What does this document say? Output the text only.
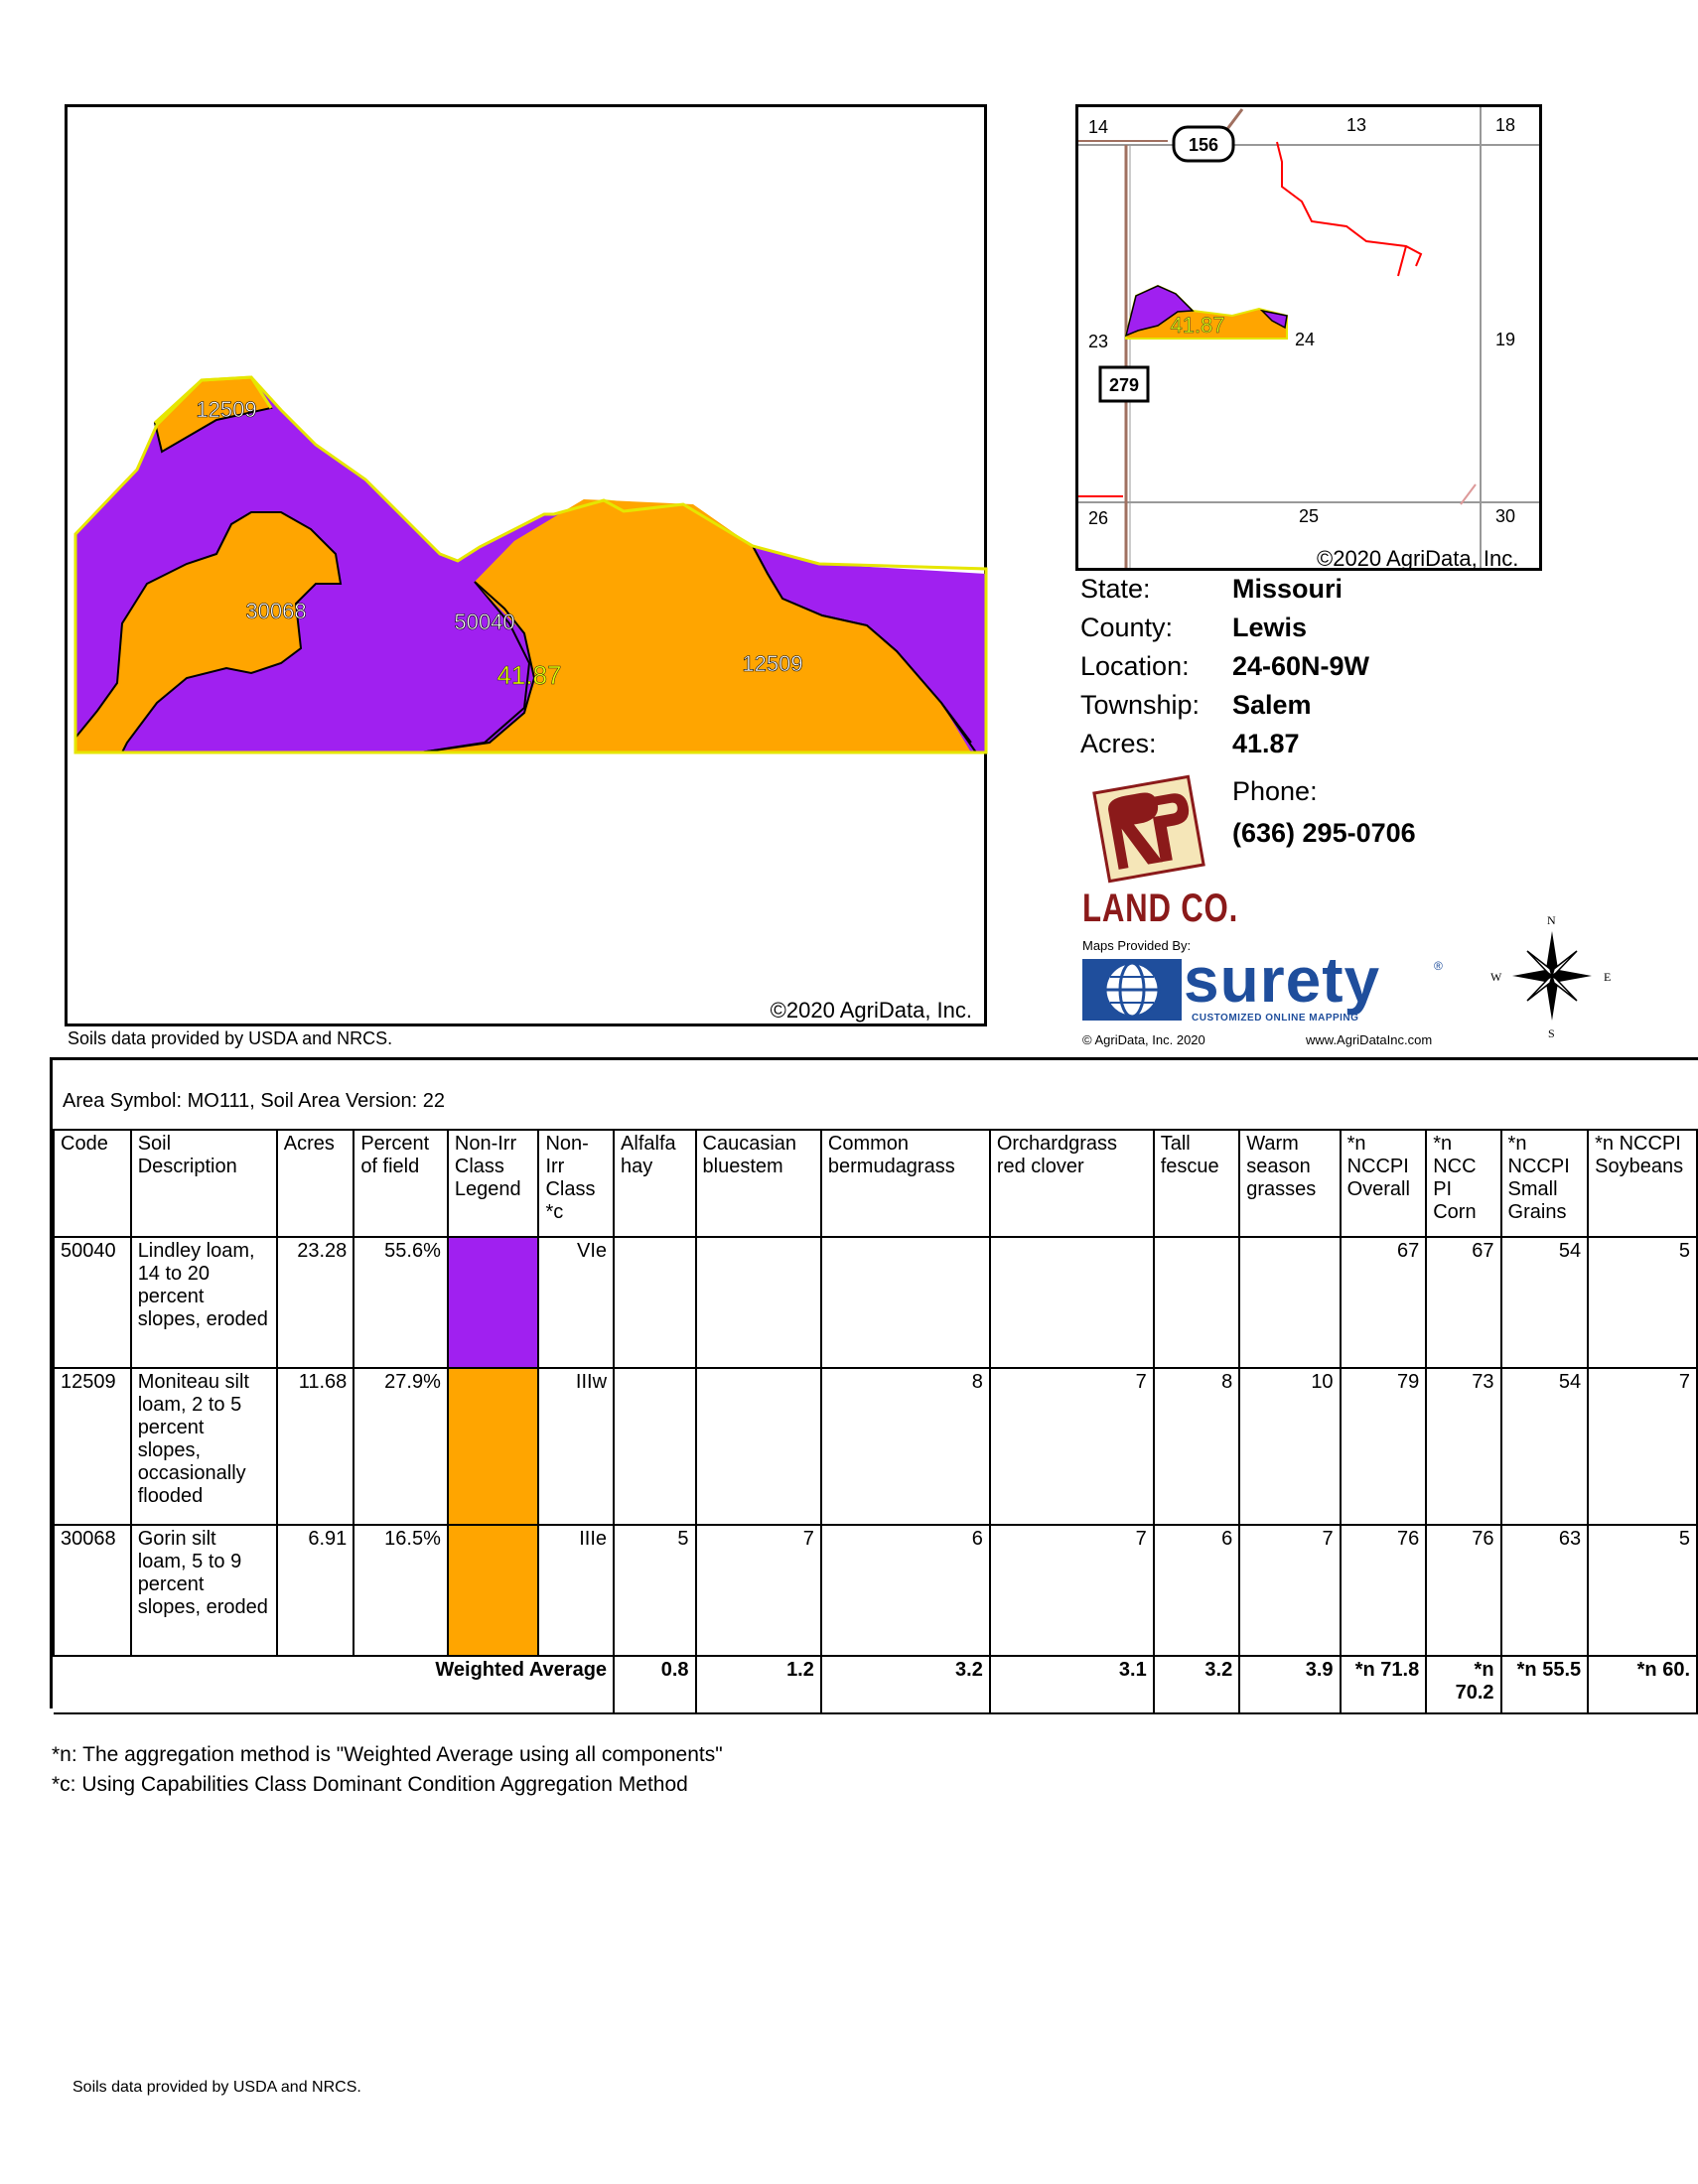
12509
30068	50040
41.87	12509
©2020 AgriData, Inc.
Soils data provided by USDA and NRCS.
41.87
14	13	18
23	24	19
26	25	30
156
279
©2020 AgriData, Inc.
State:	Missouri
County: Lewis
Location: 24-60N-9W
Township: Salem
Acres:	41.87
Phone:
(636) 295-0706
LAND CO.
Maps Provided By:
surety	®
CUSTOMIZED ONLINE MAPPING
© AgriData, Inc. 2020	www.AgriDataInc.com
N
S
E
W
Area Symbol: MO111, Soil Area Version: 22
Code	Soil Description	Acres	Percent of field	Non-Irr Class Legend	Non-Irr Class *c	Alfalfa hay	Caucasian bluestem	Common bermudagrass	Orchardgrass red clover	Tall fescue	Warm season grasses	*n NCCPI Overall	*n NCC PI Corn	*n NCCPI Small Grains	*n NCCPI Soybeans
50040	Lindley loam, 14 to 20 percent slopes, eroded	23.28	55.6%		VIe							67	67	54	5
12509	Moniteau silt loam, 2 to 5 percent slopes, occasionally flooded	11.68	27.9%		IIIw			8	7	8	10	79	73	54	7
30068	Gorin silt loam, 5 to 9 percent slopes, eroded	6.91	16.5%		IIIe	5	7	6	7	6	7	76	76	63	5
Weighted Average						0.8	1.2	3.2	3.1	3.2	3.9	*n 71.8	*n 70.2	*n 55.5	*n 60.
*n: The aggregation method is "Weighted Average using all components"
*c: Using Capabilities Class Dominant Condition Aggregation Method
Soils data provided by USDA and NRCS.
